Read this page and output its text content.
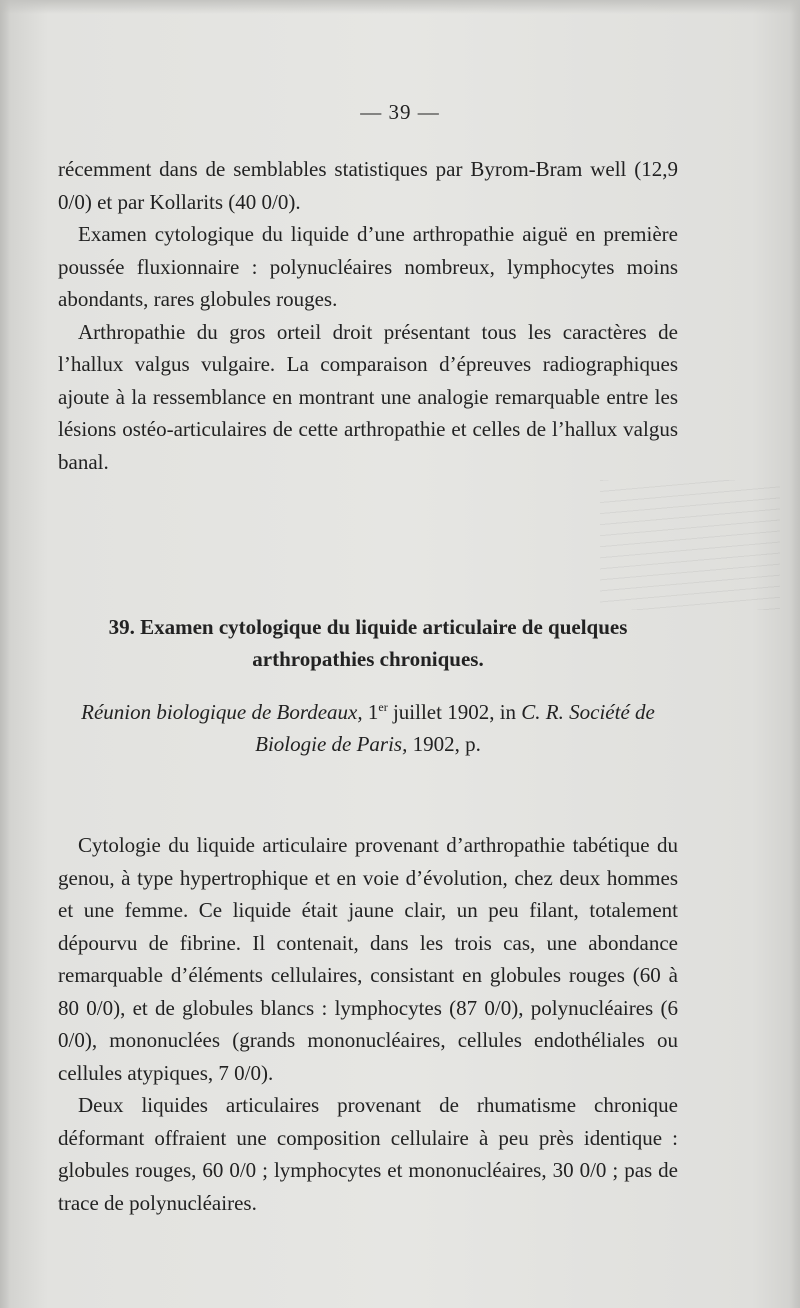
— 39 —

récemment dans de semblables statistiques par Byrom-Bram well (12,9 0/0) et par Kollarits (40 0/0).

Examen cytologique du liquide d’une arthropathie aiguë en première poussée fluxionnaire : polynucléaires nombreux, lymphocytes moins abondants, rares globules rouges.

Arthropathie du gros orteil droit présentant tous les caractères de l’hallux valgus vulgaire. La comparaison d’épreuves radiographiques ajoute à la ressemblance en montrant une analogie remarquable entre les lésions ostéo-articulaires de cette arthropathie et celles de l’hallux valgus banal.

39. Examen cytologique du liquide articulaire de quelques arthropathies chroniques.
Réunion biologique de Bordeaux, 1er juillet 1902, in C. R. Société de Biologie de Paris, 1902, p.

Cytologie du liquide articulaire provenant d’arthropathie tabétique du genou, à type hypertrophique et en voie d’évolution, chez deux hommes et une femme. Ce liquide était jaune clair, un peu filant, totalement dépourvu de fibrine. Il contenait, dans les trois cas, une abondance remarquable d’éléments cellulaires, consistant en globules rouges (60 à 80 0/0), et de globules blancs : lymphocytes (87 0/0), polynucléaires (6 0/0), mononuclées (grands mononucléaires, cellules endothéliales ou cellules atypiques, 7 0/0).

Deux liquides articulaires provenant de rhumatisme chronique déformant offraient une composition cellulaire à peu près identique : globules rouges, 60 0/0 ; lymphocytes et mononucléaires, 30 0/0 ; pas de trace de polynucléaires.
